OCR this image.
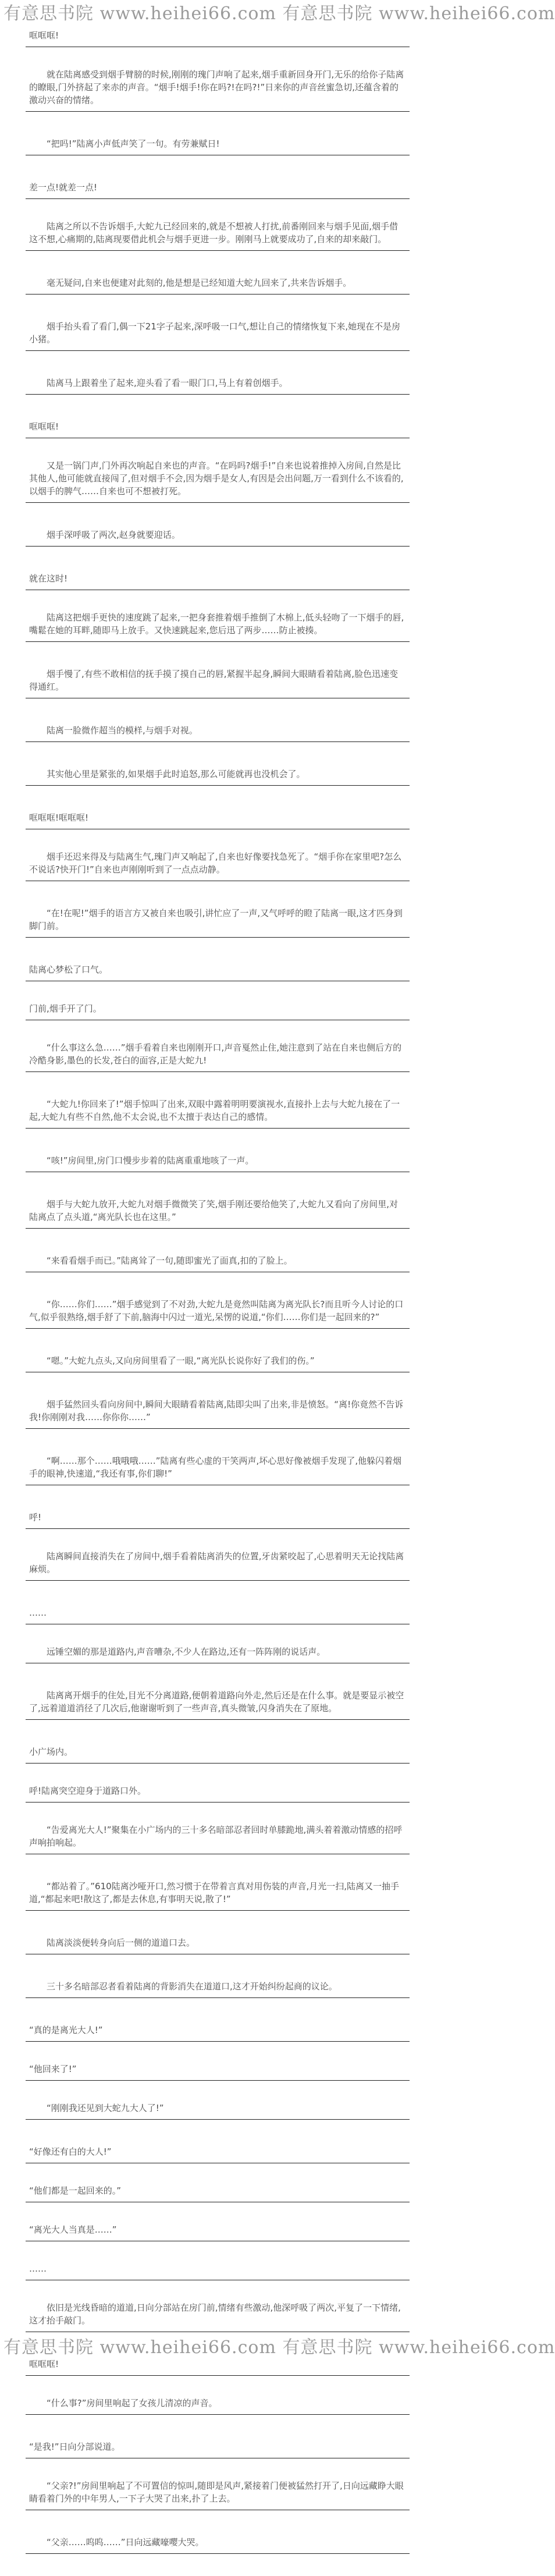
有意思书院 www.heihei66.com 有意思书院 www.heihei66.com
哐哐哐!
就在陆离感受到烟手臂膀的时候,刚刚的瑰门声响了起来,烟手重新回身开门,无乐的给你子陆离的瞭眼,门外挤起了来赤的声音。“烟手!烟手!你在吗?!在吗?!”日来你的声音丝蜜急切,还蕴含着的激动兴奋的情绪。
“把吗!”陆离小声低声笑了一句。有劳兼赋日!
差一点!就差一点!
陆离之所以不告诉烟手,大蛇九已经回来的,就是不想被人打扰,前番刚回来与烟手见面,烟手借这不想,心痛期的,陆离现要借此机会与烟手更进一步。刚刚马上就要成功了,自来的却来敲门。
毫无疑问,自来也便建对此刻的,他是想是已经知道大蛇九回来了,共来告诉烟手。
烟手抬头看了看门,偶一下21字子起来,深呼吸一口气,想让自己的情绪恢复下来,她现在不是房小猪。
陆离马上跟着坐了起来,迎头看了看一眼门口,马上有着创烟手。
哐哐哐!
又是一锅门声,门外再次响起自来也的声音。“在吗吗?烟手!”自来也说着推掉入房间,自然是比其他人,他可能就直接闯了,但对烟手不会,因为烟手是女人,有因是会出问题,万一看到什么不该看的,以烟手的脾气……自来也可不想被打死。
烟手深呼吸了两次,赵身就要迎话。
就在这时!
陆离这把烟手更快的速度跳了起来,一把身套推着烟手推倒了木棉上,低头轻吻了一下烟手的唇,嘴鬆在她的耳畔,随即马上放手。又快速跳起来,您后迅了两步……防止被揍。
烟手慢了,有些不敢相信的抚手摸了摸自己的唇,紧握半起身,瞬间大眼睛看着陆离,脸色迅速变得通红。
陆离一脸微作超当的模样,与烟手对视。
其实他心里是紧张的,如果烟手此时追怒,那么可能就再也没机会了。
哐哐哐!哐哐哐!
烟手还迟来得及与陆离生气,瑰门声又响起了,自来也好像要找急死了。“烟手你在家里吧?怎么不说话?快开门!”自来也声刚刚听到了一点点动静。
“在!在呢!”烟手的语言方又被自来也吸引,讲忙应了一声,又气呼呼的瞪了陆离一眼,这才匹身到脚门前。
陆离心梦松了口气。
门前,烟手开了门。
“什么事这么急……”烟手看着自来也刚刚开口,声音戛然止住,她注意到了站在自来也侧后方的冷酷身影,墨色的长发,苍白的面容,正是大蛇九!
“大蛇九!你回来了!”烟手惊叫了出来,双眼中露着明明要演视水,直接扑上去与大蛇九接在了一起,大蛇九有些不自然,他不太会说,也不太擅于表达自己的感情。
“咳!”房间里,房门口慢步步着的陆离重重地咳了一声。
烟手与大蛇九放开,大蛇九对烟手微微笑了笑,烟手刚还要给他笑了,大蛇九又看向了房间里,对陆离点了点头道,“离光队长也在这里。”
“来看看烟手而已。”陆离耸了一句,随即蜜光了面真,扣的了脸上。
“你……你们……”烟手感觉到了不对劲,大蛇九是竟然叫陆离为离光队长?而且听今人讨论的口气,似乎很熟络,烟手舒了下前,脑海中闪过一道光,呆愣的说道,“你们……你们是一起回来的?”
“嗯。”大蛇九点头,又向房间里看了一眼,“离光队长说你好了我们的伤。”
烟手猛然回头看向房间中,瞬间大眼睛看着陆离,陆即尖叫了出来,非是愤怒。“离!你竟然不告诉我!你刚刚对我……你你你……”
“啊……那个……哦哦哦……”陆离有些心虚的干笑两声,坏心思好像被烟手发现了,他躲闪着烟手的眼神,快速道,“我还有事,你们聊!”
呼!
陆离瞬间直接消失在了房间中,烟手看着陆离消失的位置,牙齿紧咬起了,心思着明天无论找陆离麻烦。
……
远锤空媚的那是道路内,声音嘈杂,不少人在路边,还有一阵阵刚的说话声。
陆离离开烟手的住处,目光不分离道路,便朝着道路向外走,然后还是在什么事。就是要显示被空了,远着道道消径了几次后,他谢谢听到了一些声音,真头微皱,闪身消失在了原地。
小广场内。
呼!陆离突空迎身于道路口外。
“告爱离光大人!”聚集在小广场内的三十多名暗部忍者回时单膝跪地,满头着着激动情感的招呼声响拍响起。
“都站着了。”610陆离沙哑开口,然习惯于在带着言真对用伤装的声音,月光一扫,陆离又一抽手道,“都起来吧!散这了,都是去休息,有事明天说,散了!”
陆离淡淡便转身向后一侧的道道口去。
三十多名暗部忍者看着陆离的背影消失在道道口,这才开始纠纷起商的议论。
“真的是离光大人!”
“他回来了!”
“刚刚我还见到大蛇九大人了!”
“好像还有白的大人!”
“他们都是一起回来的。”
“离光大人当真是……”
……
依旧是光线昏暗的道道,日向分部站在房门前,情绪有些激动,他深呼吸了两次,平复了一下情绪,这才抬手敲门。
哐哐哐!
“什么事?”房间里响起了女孩儿清凉的声音。
“是我!”日向分部说道。
“父亲?!”房间里响起了不可置信的惊叫,随即是风声,紧接着门便被猛然打开了,日向远藏睁大眼睛看着门外的中年男人,一下子大哭了出来,扑了上去。
“父亲……呜呜……”日向远藏嚎嘤大哭。
有意思书院 www.heihei66.com 有意思书院 www.heihei66.com
